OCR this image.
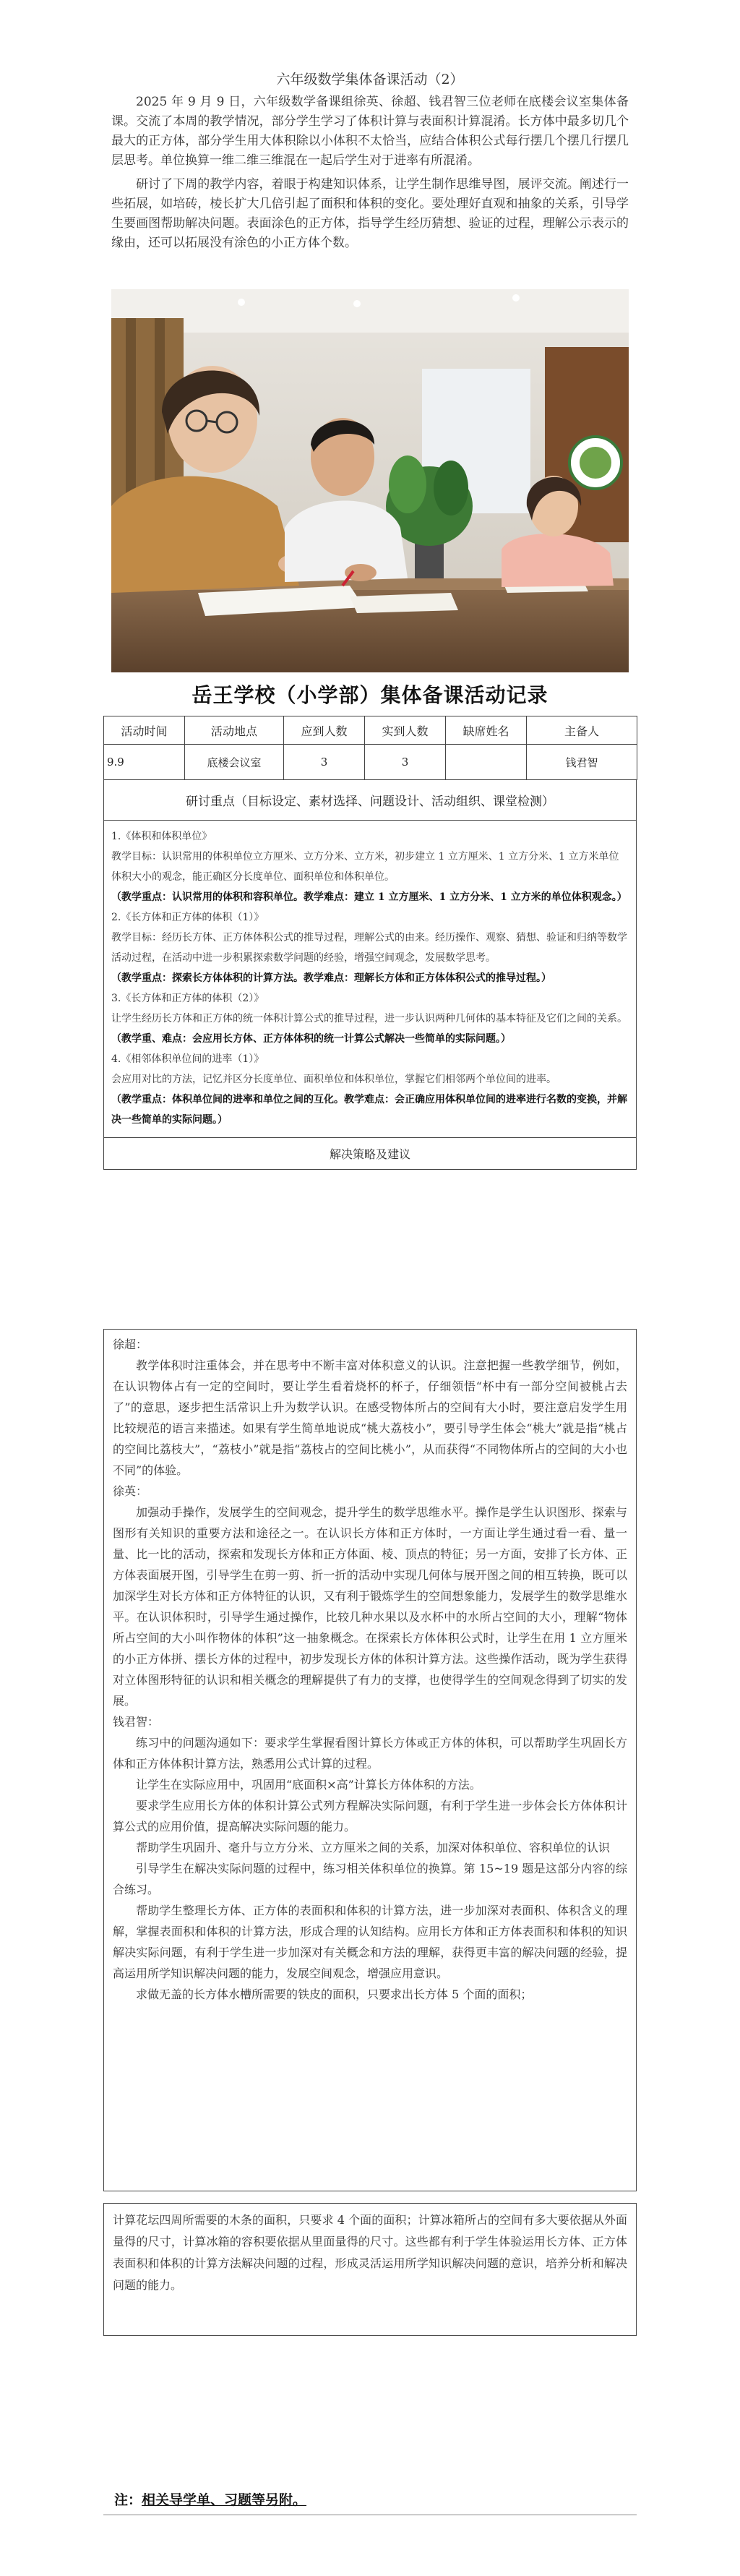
六年级数学集体备课活动（2）

2025 年 9 月 9 日，六年级数学备课组徐英、徐超、钱君智三位老师在底楼会议室集体备课。交流了本周的教学情况，部分学生学习了体积计算与表面积计算混淆。长方体中最多切几个最大的正方体，部分学生用大体积除以小体积不太恰当，应结合体积公式每行摆几个摆几行摆几层思考。单位换算一维二维三维混在一起后学生对于进率有所混淆。

研讨了下周的教学内容，着眼于构建知识体系，让学生制作思维导图，展评交流。阐述行一些拓展，如培砖，棱长扩大几倍引起了面积和体积的变化。要处理好直观和抽象的关系，引导学生要画图帮助解决问题。表面涂色的正方体，指导学生经历猜想、验证的过程，理解公示表示的缘由，还可以拓展没有涂色的小正方体个数。

岳王学校（小学部）集体备课活动记录
活动时间	活动地点	应到人数	实到人数	缺席姓名	主备人
9.9	底楼会议室	3	3		钱君智
研讨重点（目标设定、素材选择、问题设计、活动组织、课堂检测）

1.《体积和体积单位》

教学目标：认识常用的体积单位立方厘米、立方分米、立方米，初步建立 1 立方厘米、1 立方分米、1 立方米单位体积大小的观念，能正确区分长度单位、面积单位和体积单位。

（教学重点：认识常用的体积和容积单位。教学难点：建立 1 立方厘米、1 立方分米、1 立方米的单位体积观念。）

2.《长方体和正方体的体积（1）》

教学目标：经历长方体、正方体体积公式的推导过程，理解公式的由来。经历操作、观察、猜想、验证和归纳等数学活动过程，在活动中进一步积累探索数学问题的经验，增强空间观念，发展数学思考。

（教学重点：探索长方体体积的计算方法。教学难点：理解长方体和正方体体积公式的推导过程。）

3.《长方体和正方体的体积（2）》

让学生经历长方体和正方体的统一体积计算公式的推导过程，进一步认识两种几何体的基本特征及它们之间的关系。

（教学重、难点：会应用长方体、正方体体积的统一计算公式解决一些简单的实际问题。）

4.《相邻体积单位间的进率（1）》

会应用对比的方法，记忆并区分长度单位、面积单位和体积单位，掌握它们相邻两个单位间的进率。

（教学重点：体积单位间的进率和单位之间的互化。教学难点：会正确应用体积单位间的进率进行名数的变换，并解决一些简单的实际问题。）

解决策略及建议

徐超：

教学体积时注重体会，并在思考中不断丰富对体积意义的认识。注意把握一些教学细节，例如，在认识物体占有一定的空间时，要让学生看着烧杯的杯子，仔细领悟“杯中有一部分空间被桃占去了”的意思，逐步把生活常识上升为数学认识。在感受物体所占的空间有大小时，要注意启发学生用比较规范的语言来描述。如果有学生简单地说成“桃大荔枝小”，要引导学生体会“桃大”就是指“桃占的空间比荔枝大”，“荔枝小”就是指“荔枝占的空间比桃小”，从而获得“不同物体所占的空间的大小也不同”的体验。

徐英：

加强动手操作，发展学生的空间观念，提升学生的数学思维水平。操作是学生认识图形、探索与图形有关知识的重要方法和途径之一。在认识长方体和正方体时，一方面让学生通过看一看、量一量、比一比的活动，探索和发现长方体和正方体面、棱、顶点的特征；另一方面，安排了长方体、正方体表面展开图，引导学生在剪一剪、折一折的活动中实现几何体与展开图之间的相互转换，既可以加深学生对长方体和正方体特征的认识，又有利于锻炼学生的空间想象能力，发展学生的数学思维水平。在认识体积时，引导学生通过操作，比较几种水果以及水杯中的水所占空间的大小，理解“物体所占空间的大小叫作物体的体积”这一抽象概念。在探索长方体体积公式时，让学生在用 1 立方厘米的小正方体拼、摆长方体的过程中，初步发现长方体的体积计算方法。这些操作活动，既为学生获得对立体图形特征的认识和相关概念的理解提供了有力的支撑，也使得学生的空间观念得到了切实的发展。

钱君智：

练习中的问题沟通如下：要求学生掌握看图计算长方体或正方体的体积，可以帮助学生巩固长方体和正方体体积计算方法，熟悉用公式计算的过程。

让学生在实际应用中，巩固用“底面积×高”计算长方体体积的方法。

要求学生应用长方体的体积计算公式列方程解决实际问题，有利于学生进一步体会长方体体积计算公式的应用价值，提高解决实际问题的能力。

帮助学生巩固升、毫升与立方分米、立方厘米之间的关系，加深对体积单位、容积单位的认识

引导学生在解决实际问题的过程中，练习相关体积单位的换算。第 15~19 题是这部分内容的综合练习。

帮助学生整理长方体、正方体的表面积和体积的计算方法，进一步加深对表面积、体积含义的理解，掌握表面积和体积的计算方法，形成合理的认知结构。应用长方体和正方体表面积和体积的知识解决实际问题，有利于学生进一步加深对有关概念和方法的理解，获得更丰富的解决问题的经验，提高运用所学知识解决问题的能力，发展空间观念，增强应用意识。

求做无盖的长方体水槽所需要的铁皮的面积，只要求出长方体 5 个面的面积；

计算花坛四周所需要的木条的面积，只要求 4 个面的面积；计算冰箱所占的空间有多大要依据从外面量得的尺寸，计算冰箱的容积要依据从里面量得的尺寸。这些都有利于学生体验运用长方体、正方体表面积和体积的计算方法解决问题的过程，形成灵活运用所学知识解决问题的意识，培养分析和解决问题的能力。
注：相关导学单、习题等另附。
